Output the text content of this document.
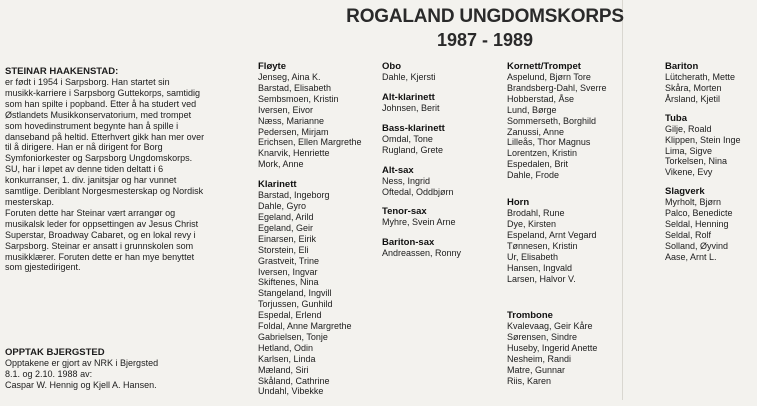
ROGALAND UNGDOMSKORPS
1987 - 1989
STEINAR HAAKENSTAD:

er født i 1954 i Sarpsborg. Han startet sin
musikk-karriere i Sarpsborg Guttekorps, samtidig
som han spilte i popband. Etter å ha studert ved
Østlandets Musikkonservatorium, med trompet
som hovedinstrument begynte han å spille i
danseband på heltid. Etterhvert gikk han mer over
til å dirigere. Han er nå dirigent for Borg
Symfoniorkester og Sarpsborg Ungdomskorps.
SU, har i løpet av denne tiden deltatt i 6
konkurranser, 1. div. janitsjar og har vunnet
samtlige. Deriblant Norgesmesterskap og Nordisk
mesterskap.
Foruten dette har Steinar vært arrangør og
musikalsk leder for oppsettingen av Jesus Christ
Superstar, Broadway Cabaret, og en lokal revy i
Sarpsborg. Steinar er ansatt i grunnskolen som
musikklærer. Foruten dette er han mye benyttet
som gjestedirigent.

OPPTAK BJERGSTED

Opptakene er gjort av NRK i Bjergsted
8.1. og 2.10. 1988 av:
Caspar W. Hennig og Kjell A. Hansen.

Fløyte
Jenseg, Aina K.
Barstad, Elisabeth
Sembsmoen, Kristin
Iversen, Eivor
Næss, Marianne
Pedersen, Mirjam
Erichsen, Ellen Margrethe
Knarvik, Henriette
Mork, Anne
Klarinett
Barstad, Ingeborg
Dahle, Gyro
Egeland, Arild
Egeland, Geir
Einarsen, Eirik
Storstein, Eli
Grastveit, Trine
Iversen, Ingvar
Skiftenes, Nina
Stangeland, Ingvill
Torjussen, Gunhild
Espedal, Erlend
Foldal, Anne Margrethe
Gabrielsen, Tonje
Hetland, Odin
Karlsen, Linda
Mæland, Siri
Skåland, Cathrine
Undahl, Vibekke
Obo
Dahle, Kjersti
Alt-klarinett
Johnsen, Berit
Bass-klarinett
Omdal, Tone
Rugland, Grete
Alt-sax
Ness, Ingrid
Oftedal, Oddbjørn
Tenor-sax
Myhre, Svein Arne
Bariton-sax
Andreassen, Ronny
Kornett/Trompet
Aspelund, Bjørn Tore
Brandsberg-Dahl, Sverre
Hobberstad, Åse
Lund, Børge
Sommerseth, Borghild
Zanussi, Anne
Lilleås, Thor Magnus
Lorentzen, Kristin
Espedalen, Brit
Dahle, Frode
Horn
Brodahl, Rune
Dye, Kirsten
Espeland, Arnt Vegard
Tønnesen, Kristin
Ur, Elisabeth
Hansen, Ingvald
Larsen, Halvor V.
Trombone
Kvalevaag, Geir Kåre
Sørensen, Sindre
Huseby, Ingerid Anette
Nesheim, Randi
Matre, Gunnar
Riis, Karen
Bariton
Lütcherath, Mette
Skåra, Morten
Årsland, Kjetil
Tuba
Gilje, Roald
Klippen, Stein Inge
Lima, Sigve
Torkelsen, Nina
Vikene, Evy
Slagverk
Myrholt, Bjørn
Palco, Benedicte
Seldal, Henning
Seldal, Rolf
Solland, Øyvind
Aase, Arnt L.
